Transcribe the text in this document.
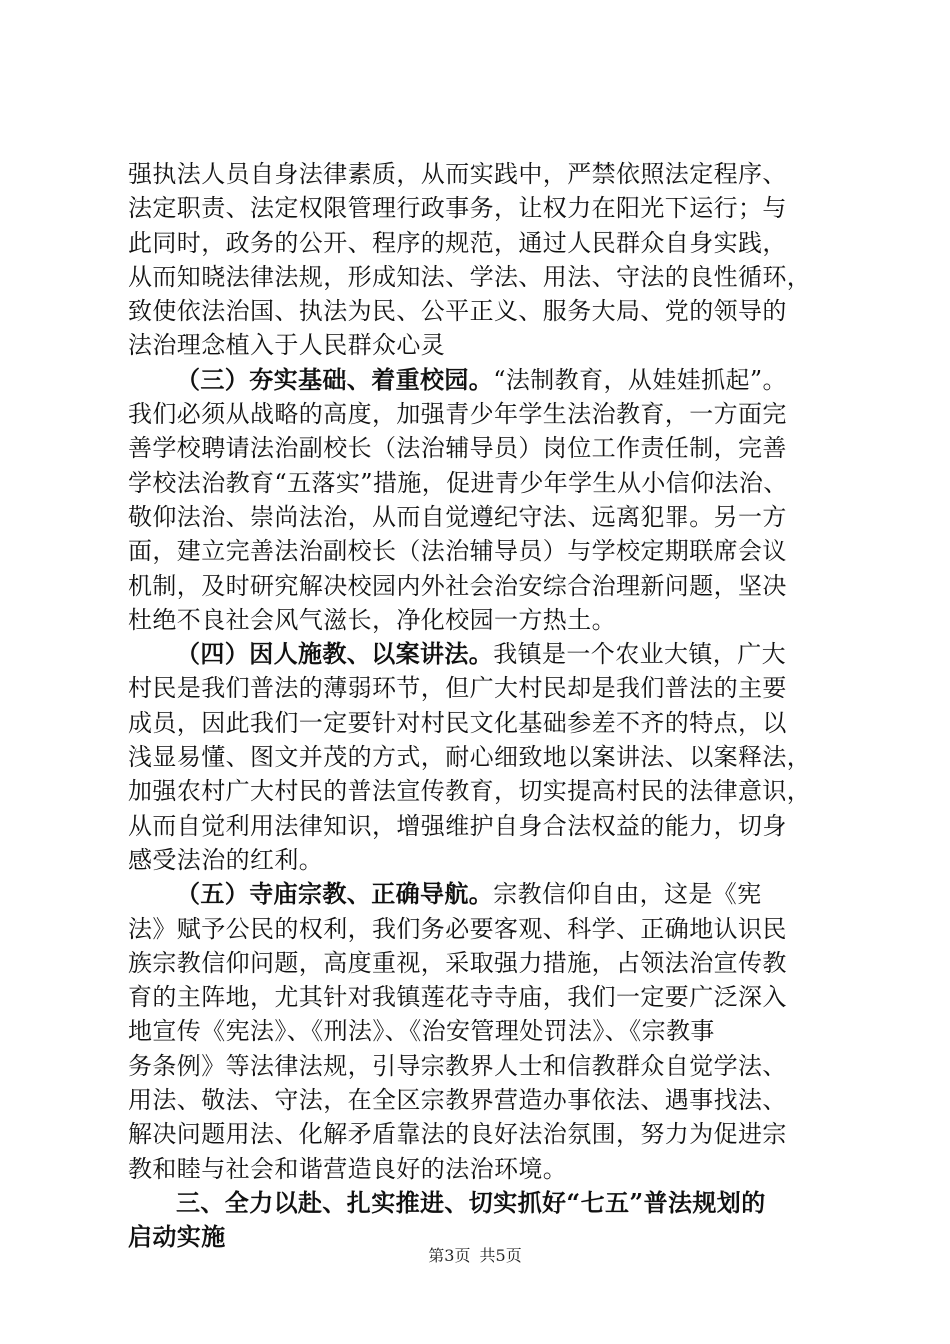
强执法人员自身法律素质，从而实践中，严禁依照法定程序、
法定职责、法定权限管理行政事务，让权力在阳光下运行；与
此同时，政务的公开、程序的规范，通过人民群众自身实践，
从而知晓法律法规，形成知法、学法、用法、守法的良性循环，
致使依法治国、执法为民、公平正义、服务大局、党的领导的
法治理念植入于人民群众心灵
（三）夯实基础、着重校园。“法制教育，从娃娃抓起”。
我们必须从战略的高度，加强青少年学生法治教育，一方面完
善学校聘请法治副校长（法治辅导员）岗位工作责任制，完善
学校法治教育“五落实”措施，促进青少年学生从小信仰法治、
敬仰法治、崇尚法治，从而自觉遵纪守法、远离犯罪。另一方
面，建立完善法治副校长（法治辅导员）与学校定期联席会议
机制，及时研究解决校园内外社会治安综合治理新问题，坚决
杜绝不良社会风气滋长，净化校园一方热土。
（四）因人施教、以案讲法。我镇是一个农业大镇，广大
村民是我们普法的薄弱环节，但广大村民却是我们普法的主要
成员，因此我们一定要针对村民文化基础参差不齐的特点，以
浅显易懂、图文并茂的方式，耐心细致地以案讲法、以案释法，
加强农村广大村民的普法宣传教育，切实提高村民的法律意识，
从而自觉利用法律知识，增强维护自身合法权益的能力，切身
感受法治的红利。
（五）寺庙宗教、正确导航。宗教信仰自由，这是《宪
法》赋予公民的权利，我们务必要客观、科学、正确地认识民
族宗教信仰问题，高度重视，采取强力措施，占领法治宣传教
育的主阵地，尤其针对我镇莲花寺寺庙，我们一定要广泛深入
地宣传《宪法》、《刑法》、《治安管理处罚法》、《宗教事
务条例》等法律法规，引导宗教界人士和信教群众自觉学法、
用法、敬法、守法，在全区宗教界营造办事依法、遇事找法、
解决问题用法、化解矛盾靠法的良好法治氛围，努力为促进宗
教和睦与社会和谐营造良好的法治环境。
三、全力以赴、扎实推进、切实抓好“七五”普法规划的
启动实施
第3页 共5页
